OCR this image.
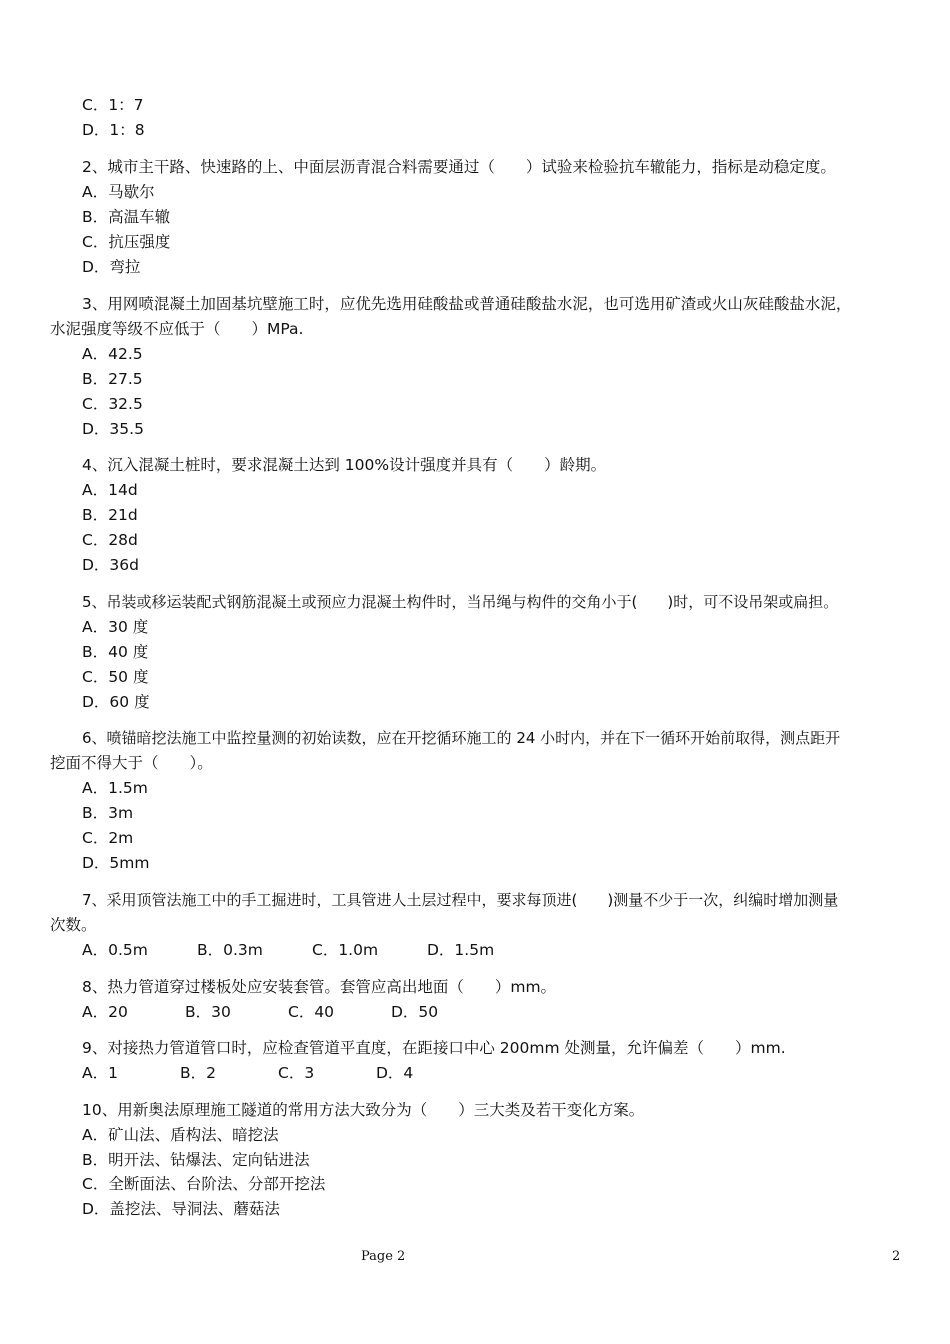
C．1：7
D．1：8
2、城市主干路、快速路的上、中面层沥青混合料需要通过（　　）试验来检验抗车辙能力，指标是动稳定度。
A．马歇尔
B．高温车辙
C．抗压强度
D．弯拉
3、用网喷混凝土加固基坑壁施工时，应优先选用硅酸盐或普通硅酸盐水泥，也可选用矿渣或火山灰硅酸盐水泥，
水泥强度等级不应低于（　　）MPa.
A．42.5
B．27.5
C．32.5
D．35.5
4、沉入混凝土桩时，要求混凝土达到 100%设计强度并具有（　　）龄期。
A．14d
B．21d
C．28d
D．36d
5、吊装或移运装配式钢筋混凝土或预应力混凝土构件时，当吊绳与构件的交角小于(　　)时，可不设吊架或扁担。
A．30 度
B．40 度
C．50 度
D．60 度
6、喷锚暗挖法施工中监控量测的初始读数，应在开挖循环施工的 24 小时内，并在下一循环开始前取得，测点距开
挖面不得大于（　　）。
A．1.5m
B．3m
C．2m
D．5mm
7、采用顶管法施工中的手工掘进时，工具管进人土层过程中，要求每顶进(　　)测量不少于一次，纠编时增加测量
次数。
A．0.5m	B．0.3m	C．1.0m	D．1.5m
8、热力管道穿过楼板处应安装套管。套管应高出地面（　　）mm。
A．20	B．30	C．40	D．50
9、对接热力管道管口时，应检查管道平直度，在距接口中心 200mm 处测量，允许偏差（　　）mm.
A．1	B．2	C．3	D．4
10、用新奥法原理施工隧道的常用方法大致分为（　　）三大类及若干变化方案。
A．矿山法、盾构法、暗挖法
B．明开法、钻爆法、定向钻进法
C．全断面法、台阶法、分部开挖法
D．盖挖法、导洞法、蘑菇法
Page 2	2
